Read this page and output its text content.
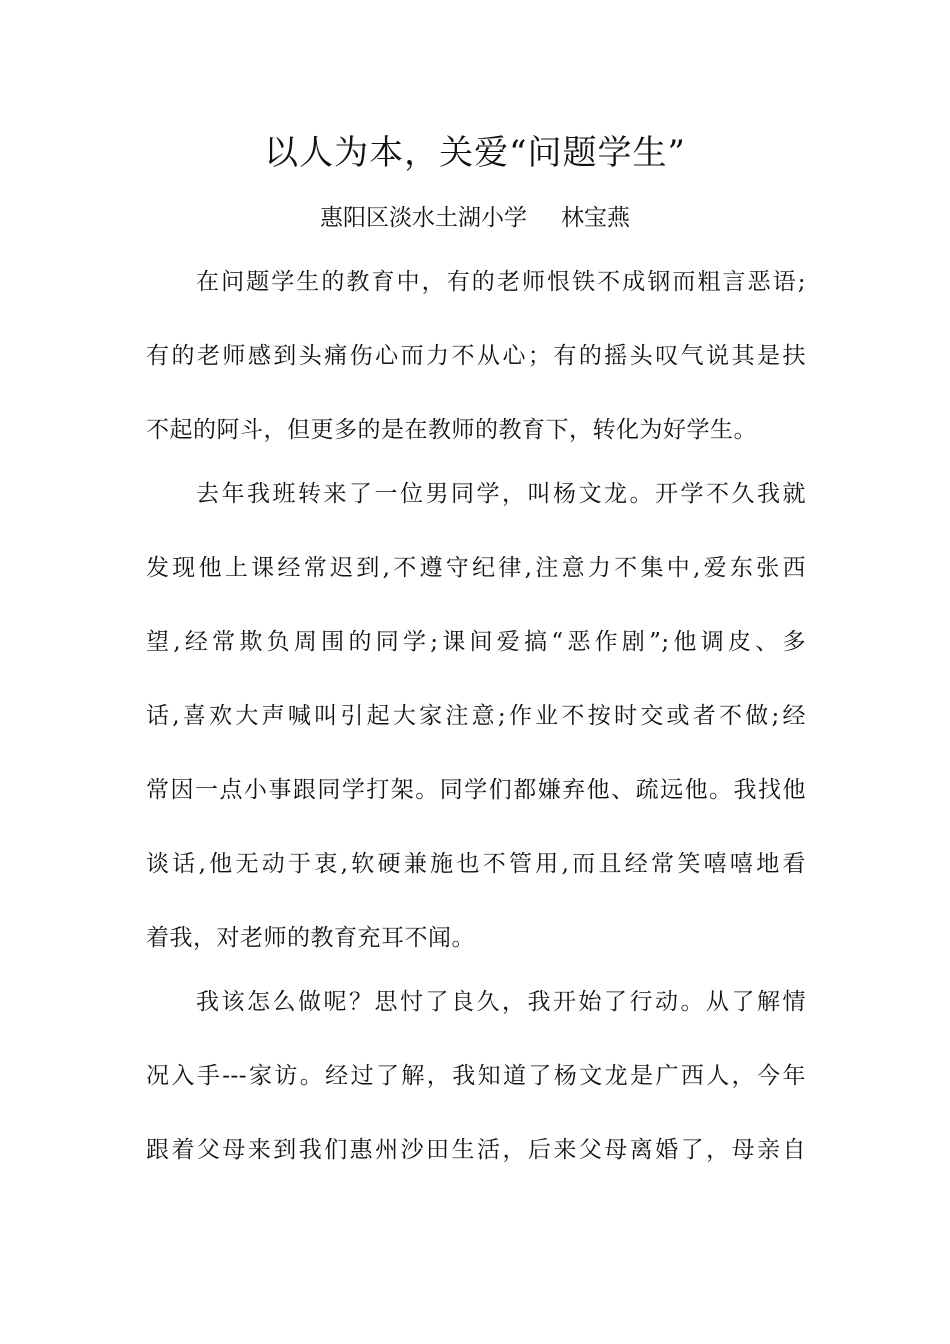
以人为本，关爱“问题学生”
惠阳区淡水土湖小学 林宝燕
在问题学生的教育中，有的老师恨铁不成钢而粗言恶语;
有的老师感到头痛伤心而力不从心；有的摇头叹气说其是扶
不起的阿斗，但更多的是在教师的教育下，转化为好学生。
去年我班转来了一位男同学，叫杨文龙。开学不久我就
发现他上课经常迟到,不遵守纪律,注意力不集中,爱东张西
望,经常欺负周围的同学;课间爱搞“恶作剧”;他调皮、多
话,喜欢大声喊叫引起大家注意;作业不按时交或者不做;经
常因一点小事跟同学打架。同学们都嫌弃他、疏远他。我找他
谈话,他无动于衷,软硬兼施也不管用,而且经常笑嘻嘻地看
着我，对老师的教育充耳不闻。
我该怎么做呢？思忖了良久，我开始了行动。从了解情
况入手---家访。经过了解，我知道了杨文龙是广西人，今年
跟着父母来到我们惠州沙田生活，后来父母离婚了，母亲自
